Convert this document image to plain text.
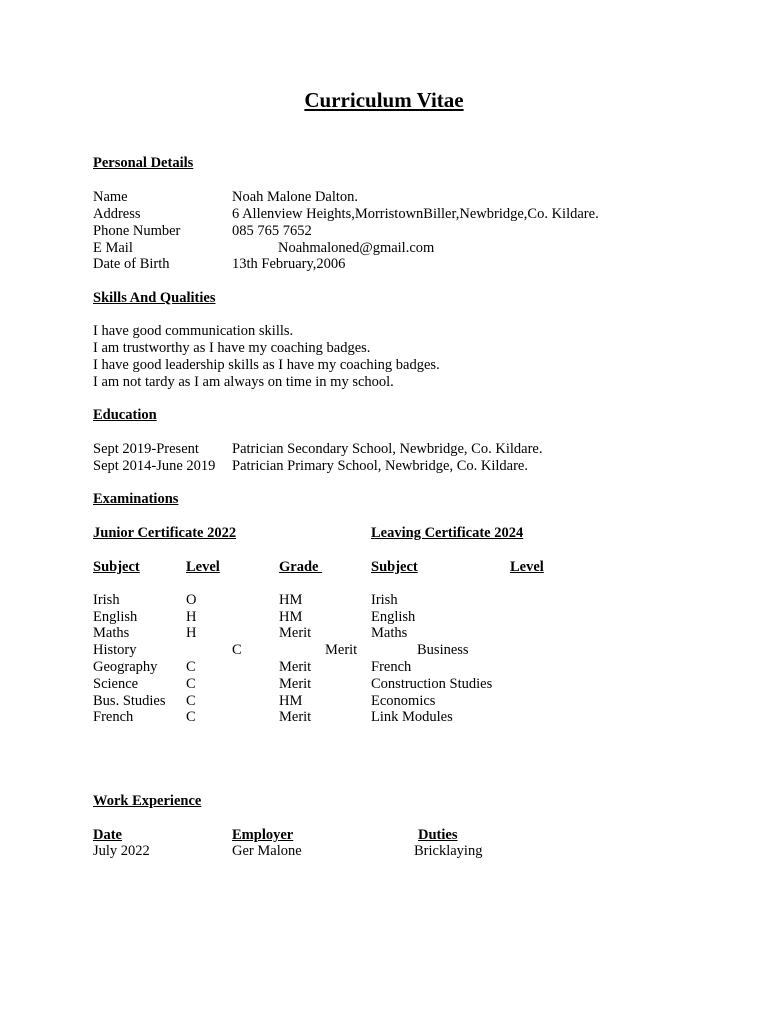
Curriculum Vitae
Personal Details
Name	Noah Malone Dalton.
Address	6 Allenview Heights,MorristownBiller,Newbridge,Co. Kildare.
Phone Number	085 765 7652
E Mail	Noahmaloned@gmail.com
Date of Birth	13th February,2006
Skills And Qualities
I have good communication skills.
I am trustworthy as I have my coaching badges.
I have good leadership skills as I have my coaching badges.
I am not tardy as I am always on time in my school.
Education
Sept 2019-Present Patrician Secondary School, Newbridge, Co. Kildare.
Sept 2014-June 2019 Patrician Primary School, Newbridge, Co. Kildare.
Examinations
Junior Certificate 2022	Leaving Certificate 2024
Subject	Level	Grade	Subject	Level
Irish	O	HM	Irish
English	H	HM	English
Maths	H	Merit	Maths
History	C	Merit	Business
Geography C	Merit	French
Science	C	Merit	Construction Studies
Bus. Studies C	HM	Economics
French	C	Merit	Link Modules
Work Experience
Date	Employer	Duties
July 2022	Ger Malone	Bricklaying
